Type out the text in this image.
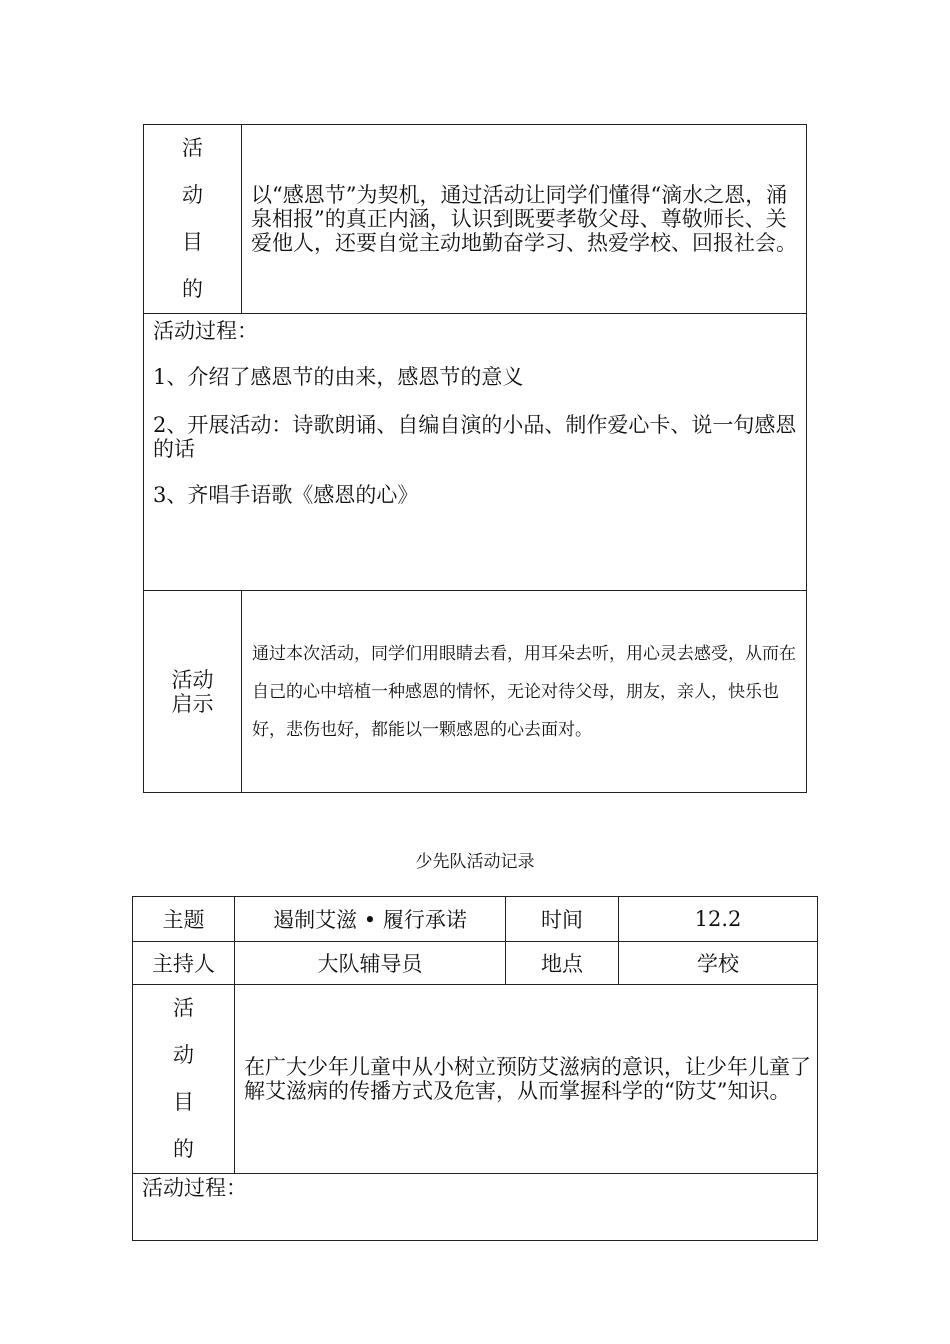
活
动
目
的	以“感恩节”为契机，通过活动让同学们懂得“滴水之恩，涌泉相报”的真正内涵，认识到既要孝敬父母、尊敬师长、关爱他人，还要自觉主动地勤奋学习、热爱学校、回报社会。

活动过程：
1、介绍了感恩节的由来，感恩节的意义
2、开展活动：诗歌朗诵、自编自演的小品、制作爱心卡、说一句感恩的话
3、齐唱手语歌《感恩的心》	

活动
启示	通过本次活动，同学们用眼睛去看，用耳朵去听，用心灵去感受，从而在自己的心中培植一种感恩的情怀，无论对待父母，朋友，亲人，快乐也好，悲伤也好，都能以一颗感恩的心去面对。
少先队活动记录
主题	遏制艾滋 • 履行承诺	时间	12.2
主持人	大队辅导员	地点	学校

活
动
目
的	在广大少年儿童中从小树立预防艾滋病的意识，让少年儿童了解艾滋病的传播方式及危害，从而掌握科学的“防艾”知识。		

活动过程：			
